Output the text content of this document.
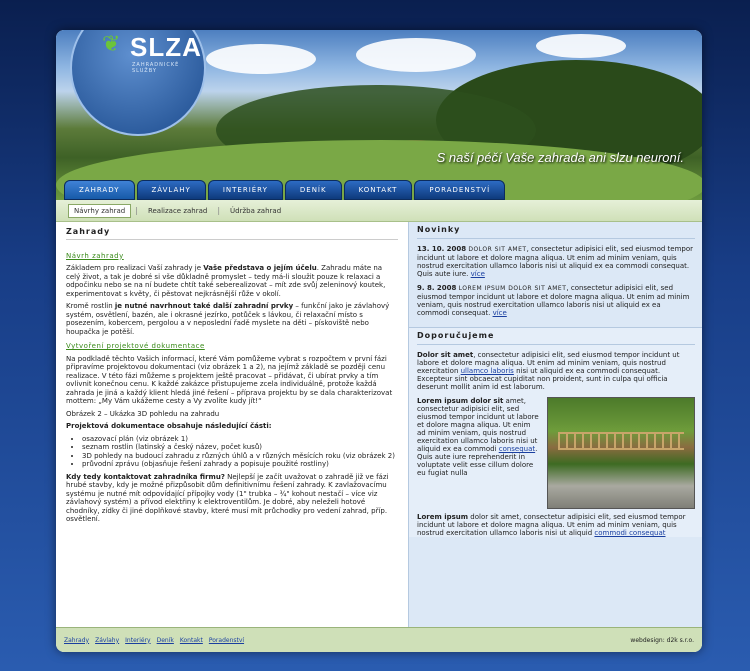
❦ SLZA
ZAHRADNICKÉ SLUŽBY
S naší péčí Vaše zahrada ani slzu neuroní.
ZAHRADY	ZÁVLAHY	INTERIÉRY	DENÍK	KONTAKT	PORADENSTVÍ
Návrhy zahrad	|	Realizace zahrad	|	Údržba zahrad
Zahrady
Návrh zahrady

Základem pro realizaci Vaší zahrady je Vaše představa o jejím účelu. Zahradu máte na celý život, a tak je dobré si vše důkladně promyslet – tedy má-li sloužit pouze k relaxaci a odpočinku nebo se na ní budete chtít také seberealizovat – mít zde svůj zeleninový koutek, experimentovat s květy, či pěstovat nejkrásnější růže v okolí.

Kromě rostlin je nutné navrhnout také další zahradní prvky – funkční jako je závlahový systém, osvětlení, bazén, ale i okrasné jezírko, potůček s lávkou, či relaxační místo s posezením, kobercem, pergolou a v neposlední řadě myslete na děti – pískoviště nebo houpačka je potěší.

Vytvoření projektové dokumentace

Na podkladě těchto Vašich informací, které Vám pomůžeme vybrat s rozpočtem v první fázi připravíme projektovou dokumentaci (viz obrázek 1 a 2), na jejímž základě se později cenu realizace. V této fázi můžeme s projektem ještě pracovat – přidávat, či ubírat prvky a tím ovlivnit konečnou cenu. K každé zakázce přistupujeme zcela individuálně, protože každá zahrada je jiná a každý klient hledá jiné řešení – příprava projektu by se dala charakterizovat mottem: „My Vám ukážeme cesty a Vy zvolíte kudy jít!“

Obrázek 2 – Ukázka 3D pohledu na zahradu

Projektová dokumentace obsahuje následující části:

• osazovací plán (viz obrázek 1)
• seznam rostlin (latinský a český název, počet kusů)
• 3D pohledy na budoucí zahradu z různých úhlů a v různých měsících roku (viz obrázek 2)
• průvodní zprávu (objasňuje řešení zahrady a popisuje použité rostliny)

Kdy tedy kontaktovat zahradníka firmu? Nejlepší je začít uvažovat o zahradě již ve fázi hrubé stavby, kdy je možné přizpůsobit dům definitivnímu řešení zahrady. K zavlažovacímu systému je nutné mít odpovídající přípojky vody (1" trubka – ¾" kohout nestačí – více viz závlahový systém) a přívod elektřiny k elektroventilům. Je dobré, aby neleželi hotové chodníky, zídky či jiné doplňkové stavby, které musí mít průchodky pro vedení zahrad, příp. osvětlení.

Novinky
13. 10. 2008 DOLOR SIT AMET, consectetur adipisici elit, sed eiusmod tempor incidunt ut labore et dolore magna aliqua. Ut enim ad minim veniam, quis nostrud exercitation ullamco laboris nisi ut aliquid ex ea commodi consequat. Quis aute iure. více
9. 8. 2008 LOREM IPSUM DOLOR SIT AMET, consectetur adipisici elit, sed eiusmod tempor incidunt ut labore et dolore magna aliqua. Ut enim ad minim veniam, quis nostrud exercitation ullamco laboris nisi ut aliquid ex ea commodi consequat. více
Doporučujeme

Dolor sit amet, consectetur adipisici elit, sed eiusmod tempor incidunt ut labore et dolore magna aliqua. Ut enim ad minim veniam, quis nostrud exercitation ullamco laboris nisi ut aliquid ex ea commodi consequat. Excepteur sint obcaecat cupiditat non proident, sunt in culpa qui officia deserunt mollit anim id est laborum.

Lorem ipsum dolor sit amet, consectetur adipisici elit, sed eiusmod tempor incidunt ut labore et dolore magna aliqua. Ut enim ad minim veniam, quis nostrud exercitation ullamco laboris nisi ut aliquid ex ea commodi consequat. Quis aute iure reprehenderit in voluptate velit esse cillum dolore eu fugiat nulla

Lorem ipsum dolor sit amet, consectetur adipisici elit, sed eiusmod tempor incidunt ut labore et dolore magna aliqua. Ut enim ad minim veniam, quis nostrud exercitation ullamco laboris nisi ut aliquid commodi consequat

Zahrady Závlahy Interiéry Deník Kontakt Poradenství	webdesign: d2k s.r.o.
